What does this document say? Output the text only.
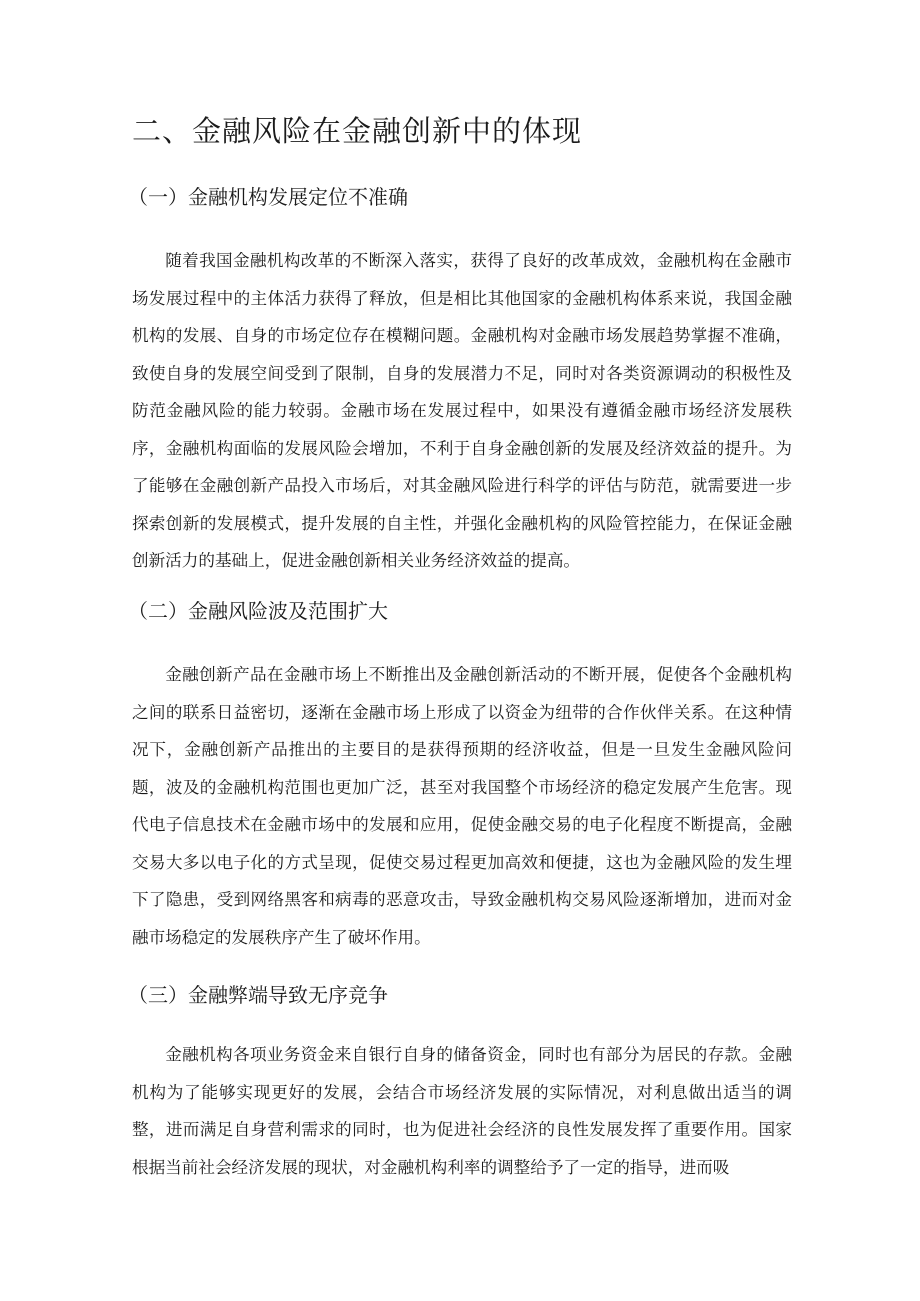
二、金融风险在金融创新中的体现
（一）金融机构发展定位不准确

随着我国金融机构改革的不断深入落实，获得了良好的改革成效，金融机构在金融市场发展过程中的主体活力获得了释放，但是相比其他国家的金融机构体系来说，我国金融机构的发展、自身的市场定位存在模糊问题。金融机构对金融市场发展趋势掌握不准确，致使自身的发展空间受到了限制，自身的发展潜力不足，同时对各类资源调动的积极性及防范金融风险的能力较弱。金融市场在发展过程中，如果没有遵循金融市场经济发展秩序，金融机构面临的发展风险会增加，不利于自身金融创新的发展及经济效益的提升。为了能够在金融创新产品投入市场后，对其金融风险进行科学的评估与防范，就需要进一步探索创新的发展模式，提升发展的自主性，并强化金融机构的风险管控能力，在保证金融创新活力的基础上，促进金融创新相关业务经济效益的提高。

（二）金融风险波及范围扩大

金融创新产品在金融市场上不断推出及金融创新活动的不断开展，促使各个金融机构之间的联系日益密切，逐渐在金融市场上形成了以资金为纽带的合作伙伴关系。在这种情况下，金融创新产品推出的主要目的是获得预期的经济收益，但是一旦发生金融风险问题，波及的金融机构范围也更加广泛，甚至对我国整个市场经济的稳定发展产生危害。现代电子信息技术在金融市场中的发展和应用，促使金融交易的电子化程度不断提高，金融交易大多以电子化的方式呈现，促使交易过程更加高效和便捷，这也为金融风险的发生埋下了隐患，受到网络黑客和病毒的恶意攻击，导致金融机构交易风险逐渐增加，进而对金融市场稳定的发展秩序产生了破坏作用。

（三）金融弊端导致无序竞争

金融机构各项业务资金来自银行自身的储备资金，同时也有部分为居民的存款。金融机构为了能够实现更好的发展，会结合市场经济发展的实际情况，对利息做出适当的调整，进而满足自身营利需求的同时，也为促进社会经济的良性发展发挥了重要作用。国家根据当前社会经济发展的现状，对金融机构利率的调整给予了一定的指导，进而吸
